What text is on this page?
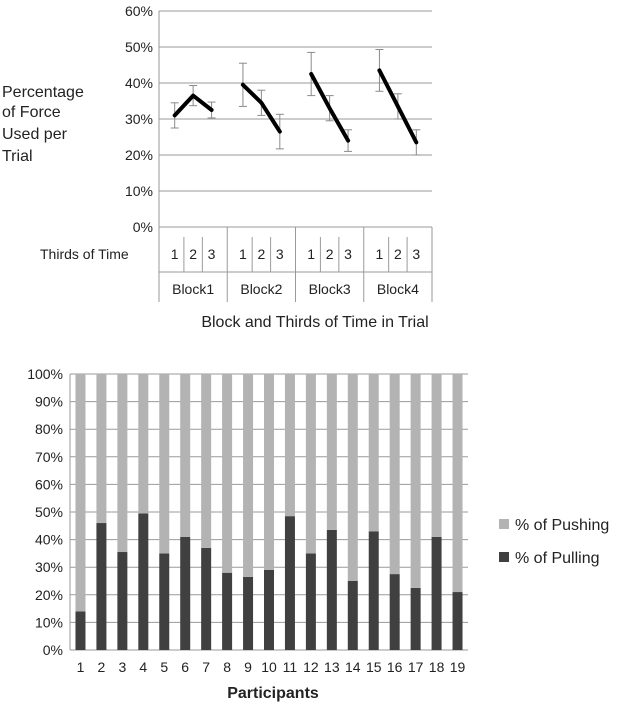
0%
10%
20%
30%
40%
50%
60%
Percentage
of Force
Used per
Trial
Block1
1 2 3
Block2
1 2 3
Block3
1 2 3
Block4
1 2 3
Thirds of Time
Block and Thirds of Time in Trial
0%
10%
20%
30%
40%
50%
60%
70%
80%
90%
100%
1 2 3 4 5 6 7 8 9 10 11 12 13 14 15 16 17 18 19
Participants
% of Pushing
% of Pulling
